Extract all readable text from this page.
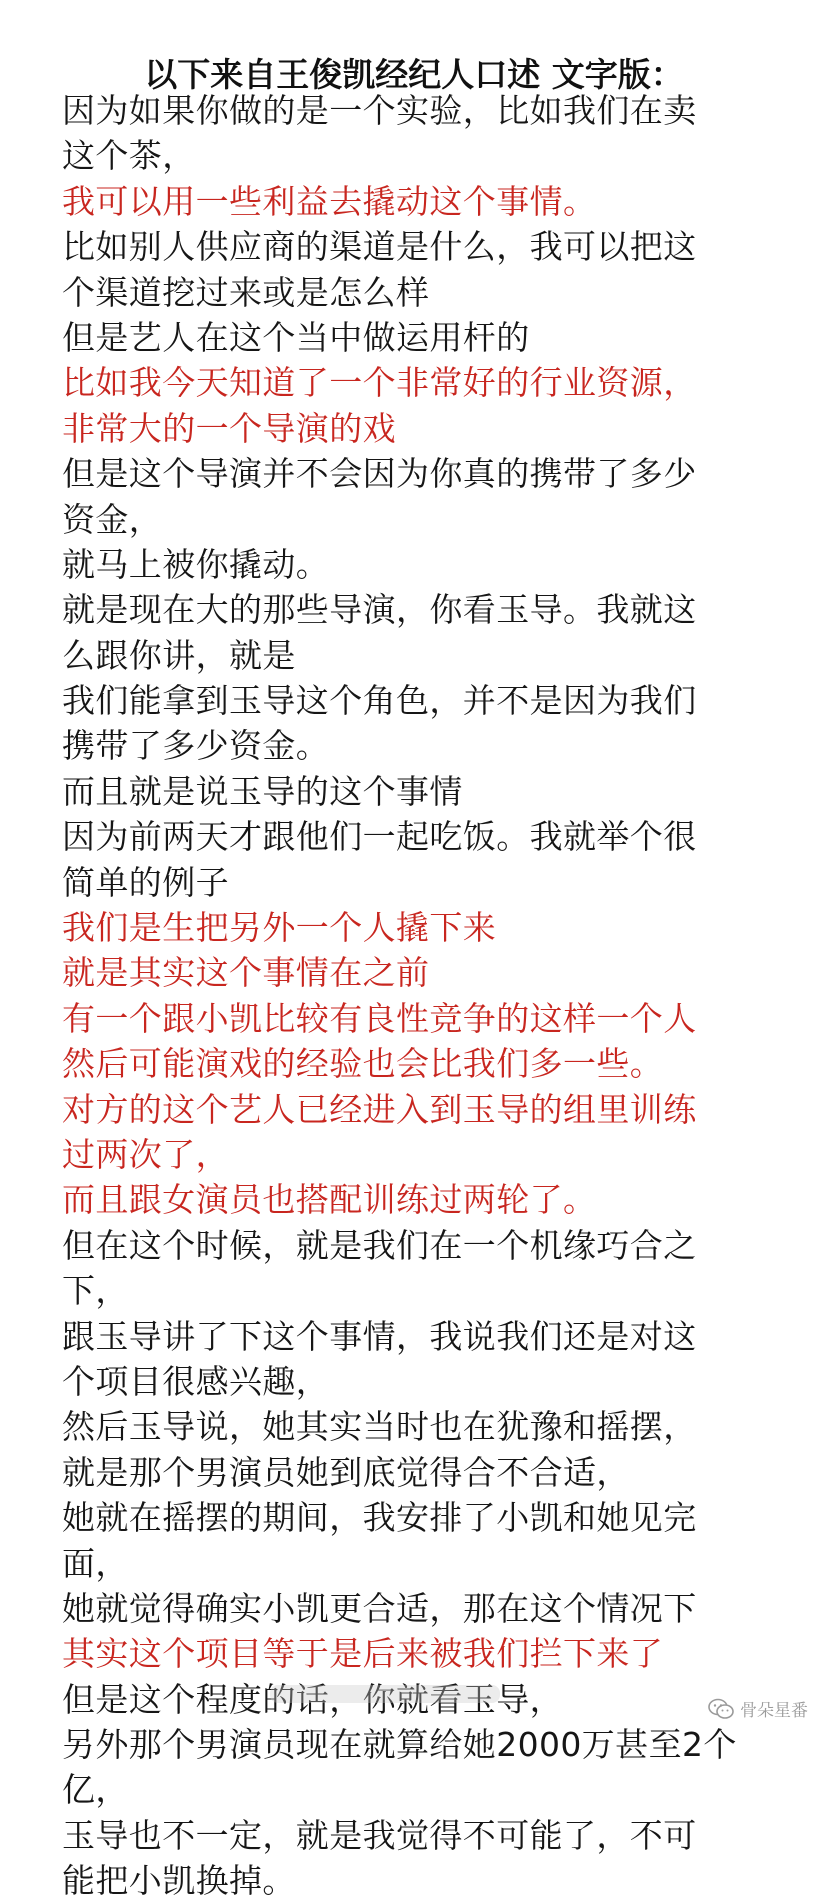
以下来自王俊凯经纪人口述 文字版：
因为如果你做的是一个实验，比如我们在卖
这个茶，
我可以用一些利益去撬动这个事情。
比如别人供应商的渠道是什么，我可以把这
个渠道挖过来或是怎么样
但是艺人在这个当中做运用杆的
比如我今天知道了一个非常好的行业资源，
非常大的一个导演的戏
但是这个导演并不会因为你真的携带了多少
资金，
就马上被你撬动。
就是现在大的那些导演，你看玉导。我就这
么跟你讲，就是
我们能拿到玉导这个角色，并不是因为我们
携带了多少资金。
而且就是说玉导的这个事情
因为前两天才跟他们一起吃饭。我就举个很
简单的例子
我们是生把另外一个人撬下来
就是其实这个事情在之前
有一个跟小凯比较有良性竞争的这样一个人
然后可能演戏的经验也会比我们多一些。
对方的这个艺人已经进入到玉导的组里训练
过两次了，
而且跟女演员也搭配训练过两轮了。
但在这个时候，就是我们在一个机缘巧合之
下，
跟玉导讲了下这个事情，我说我们还是对这
个项目很感兴趣，
然后玉导说，她其实当时也在犹豫和摇摆，
就是那个男演员她到底觉得合不合适，
她就在摇摆的期间，我安排了小凯和她见完
面，
她就觉得确实小凯更合适，那在这个情况下
其实这个项目等于是后来被我们拦下来了
但是这个程度的话，你就看玉导，
另外那个男演员现在就算给她2000万甚至2个
亿，
玉导也不一定，就是我觉得不可能了，不可
能把小凯换掉。
骨朵星番
